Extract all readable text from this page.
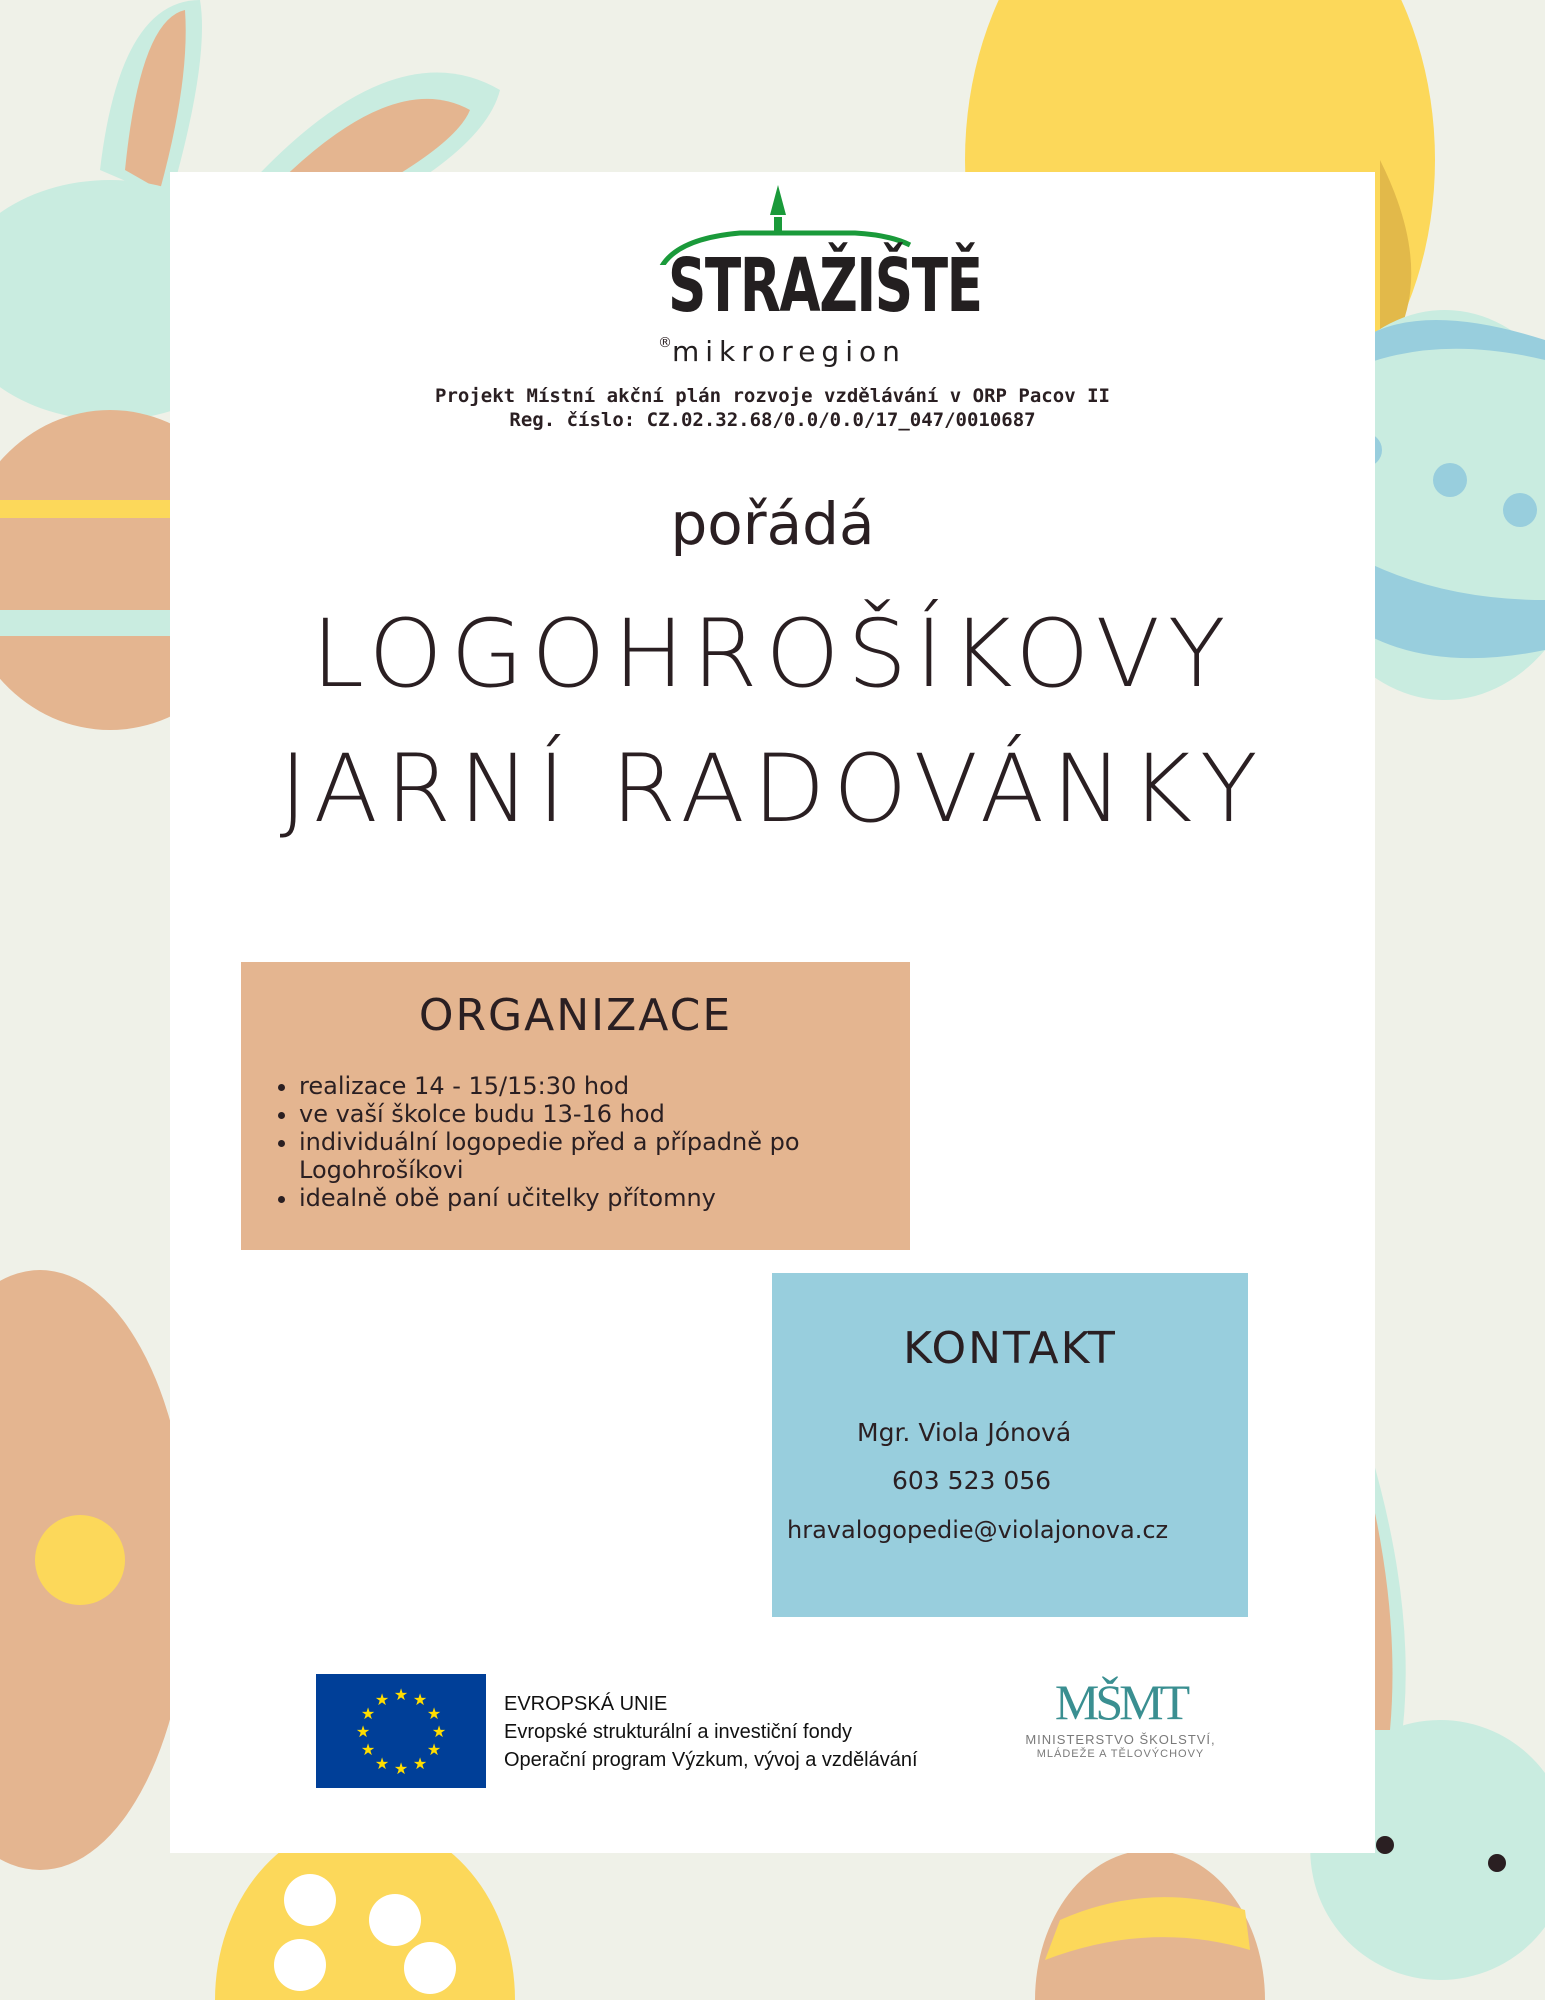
STRAŽIŠTĚ
® mikroregion
Projekt Místní akční plán rozvoje vzdělávání v ORP Pacov II
Reg. číslo: CZ.02.32.68/0.0/0.0/17_047/0010687
pořádá
LOGOHROŠÍKOVY
JARNÍ RADOVÁNKY
ORGANIZACE
• realizace 14 - 15/15:30 hod
• ve vaší školce budu 13-16 hod
• individuální logopedie před a případně po Logohrošíkovi
• idealně obě paní učitelky přítomny
KONTAKT
Mgr. Viola Jónová
603 523 056
hravalogopedie@violajonova.cz
★ ★
★
★
★
★
★
★
★
★
★
★	EVROPSKÁ UNIE
Evropské strukturální a investiční fondy
Operační program Výzkum, vývoj a vzdělávání
MŠMT
MINISTERSTVO ŠKOLSTVÍ,
MLÁDEŽE A TĚLOVÝCHOVY
